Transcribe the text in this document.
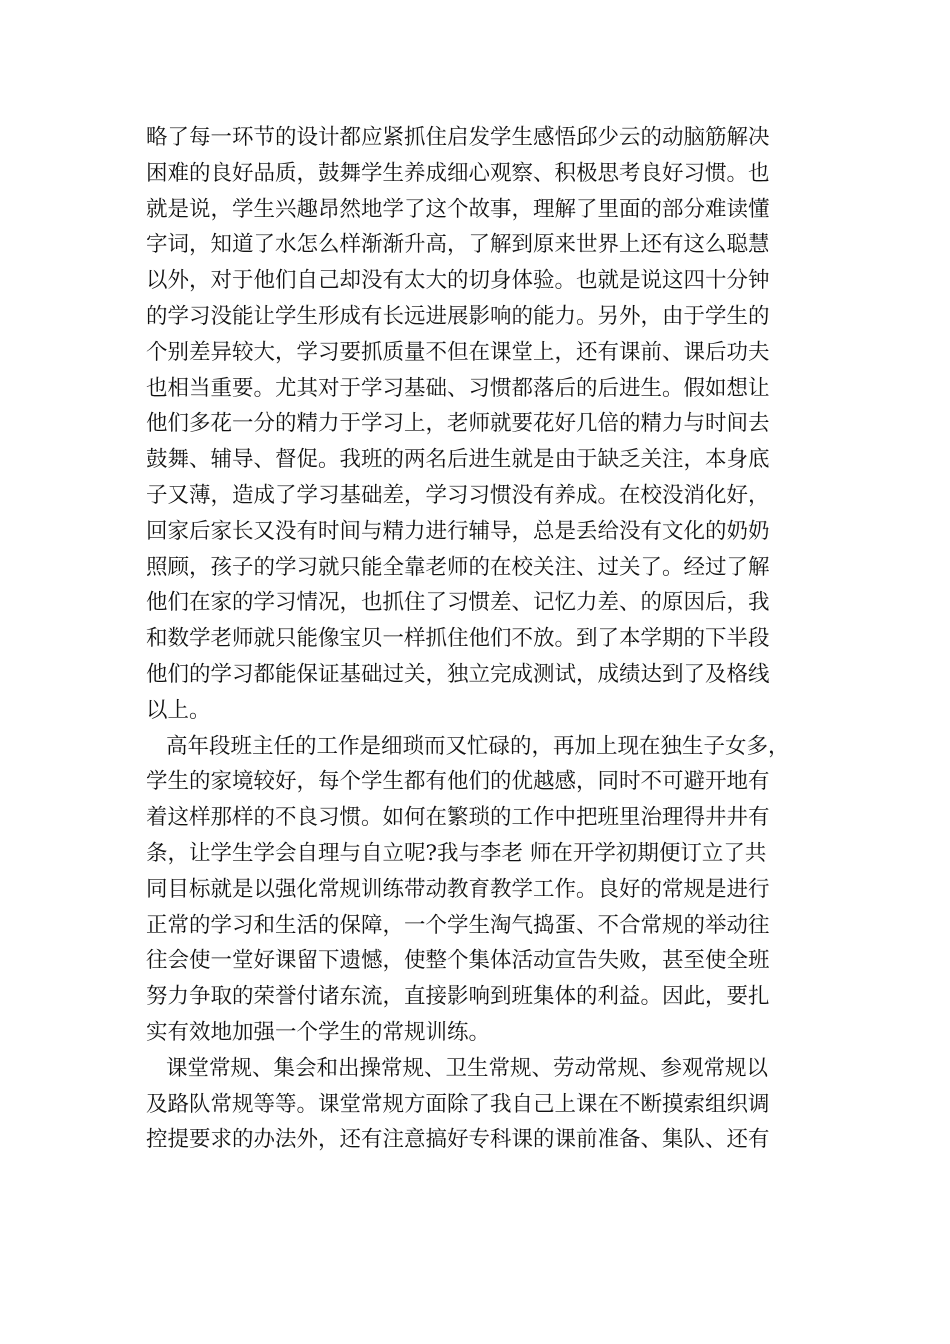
略了每一环节的设计都应紧抓住启发学生感悟邱少云的动脑筋解决
困难的良好品质，鼓舞学生养成细心观察、积极思考良好习惯。也
就是说，学生兴趣昂然地学了这个故事，理解了里面的部分难读懂
字词，知道了水怎么样渐渐升高，了解到原来世界上还有这么聪慧
以外，对于他们自己却没有太大的切身体验。也就是说这四十分钟
的学习没能让学生形成有长远进展影响的能力。另外，由于学生的
个别差异较大，学习要抓质量不但在课堂上，还有课前、课后功夫
也相当重要。尤其对于学习基础、习惯都落后的后进生。假如想让
他们多花一分的精力于学习上，老师就要花好几倍的精力与时间去
鼓舞、辅导、督促。我班的两名后进生就是由于缺乏关注，本身底
子又薄，造成了学习基础差，学习习惯没有养成。在校没消化好，
回家后家长又没有时间与精力进行辅导，总是丢给没有文化的奶奶
照顾，孩子的学习就只能全靠老师的在校关注、过关了。经过了解
他们在家的学习情况，也抓住了习惯差、记忆力差、的原因后，我
和数学老师就只能像宝贝一样抓住他们不放。到了本学期的下半段
他们的学习都能保证基础过关，独立完成测试，成绩达到了及格线
以上。
高年段班主任的工作是细琐而又忙碌的，再加上现在独生子女多，
学生的家境较好，每个学生都有他们的优越感，同时不可避开地有
着这样那样的不良习惯。如何在繁琐的工作中把班里治理得井井有
条，让学生学会自理与自立呢?我与李老 师在开学初期便订立了共
同目标就是以强化常规训练带动教育教学工作。良好的常规是进行
正常的学习和生活的保障，一个学生淘气捣蛋、不合常规的举动往
往会使一堂好课留下遗憾，使整个集体活动宣告失败，甚至使全班
努力争取的荣誉付诸东流，直接影响到班集体的利益。因此，要扎
实有效地加强一个学生的常规训练。
课堂常规、集会和出操常规、卫生常规、劳动常规、参观常规以
及路队常规等等。课堂常规方面除了我自己上课在不断摸索组织调
控提要求的办法外，还有注意搞好专科课的课前准备、集队、还有
